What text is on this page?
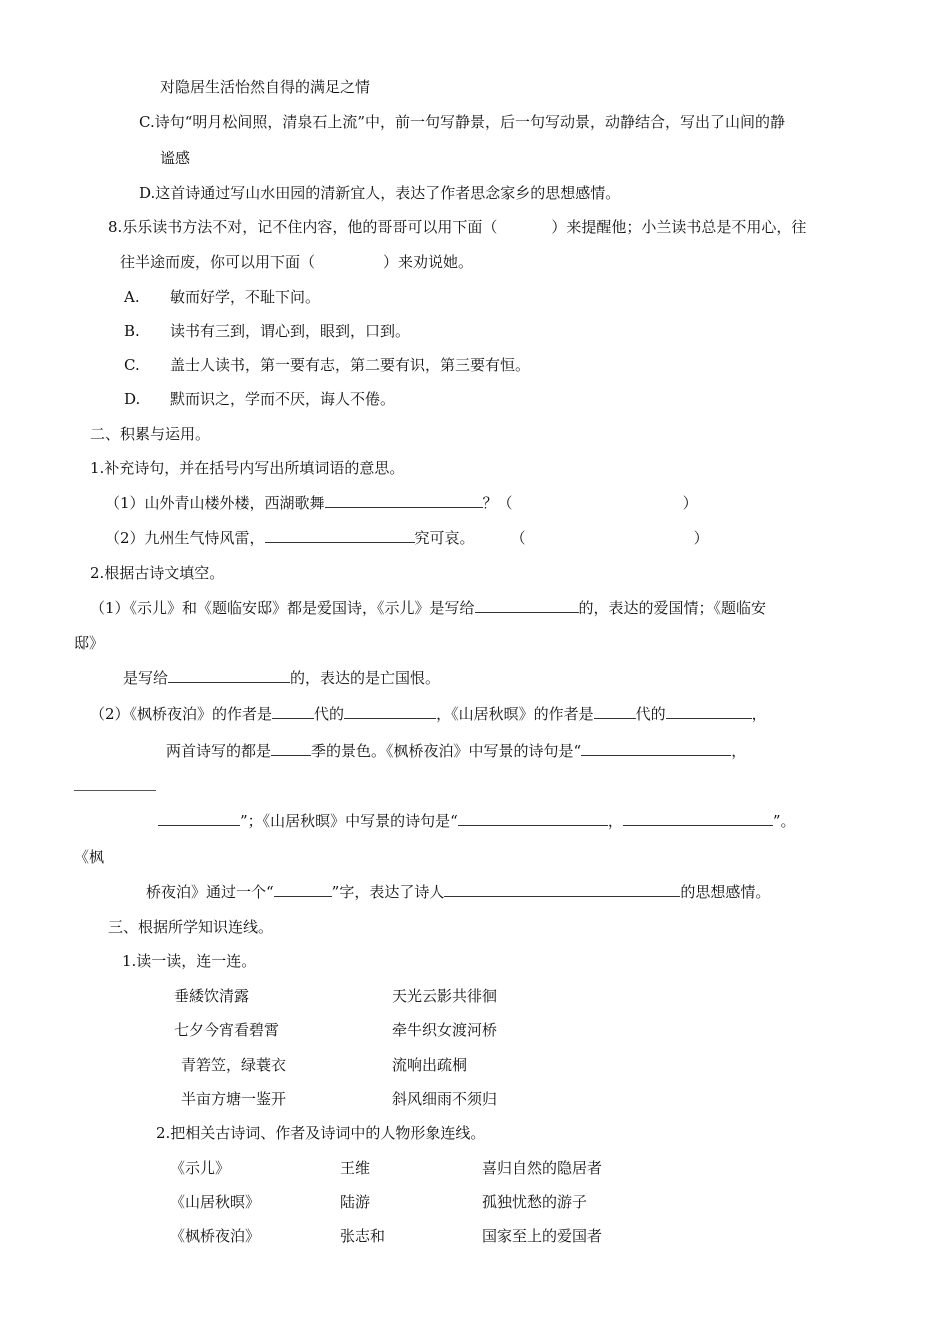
对隐居生活怡然自得的满足之情
C.诗句“明月松间照，清泉石上流”中，前一句写静景，后一句写动景，动静结合，写出了山间的静
谧感
D.这首诗通过写山水田园的清新宜人，表达了作者思念家乡的思想感情。
8.乐乐读书方法不对，记不住内容，他的哥哥可以用下面（	）来提醒他；小兰读书总是不用心，往
往半途而废，你可以用下面（	）来劝说她。
A. 敏而好学，不耻下问。
B. 读书有三到，谓心到，眼到，口到。
C. 盖士人读书，第一要有志，第二要有识，第三要有恒。
D. 默而识之，学而不厌，诲人不倦。
二、积累与运用。
1.补充诗句，并在括号内写出所填词语的意思。
（1）山外青山楼外楼，西湖歌舞	？（	）
（2）九州生气恃风雷，	究可哀。 （	）
2.根据古诗文填空。
（1）《示儿》和《题临安邸》都是爱国诗，《示儿》是写给	的，表达的爱国情；《题临安
邸》
是写给	的，表达的是亡国恨。
（2）《枫桥夜泊》的作者是	代的	，《山居秋暝》的作者是	代的	，
两首诗写的都是	季的景色。《枫桥夜泊》中写景的诗句是“	，
”；《山居秋暝》中写景的诗句是“	，	”。
《枫
桥夜泊》通过一个“	”字，表达了诗人	的思想感情。
三、根据所学知识连线。
1.读一读，连一连。
垂緌饮清露	天光云影共徘徊
七夕今宵看碧霄	牵牛织女渡河桥
青箬笠，绿蓑衣	流响出疏桐
半亩方塘一鉴开	斜风细雨不须归
2.把相关古诗词、作者及诗词中的人物形象连线。
《示儿》	王维	喜归自然的隐居者
《山居秋暝》	陆游	孤独忧愁的游子
《枫桥夜泊》	张志和	国家至上的爱国者
